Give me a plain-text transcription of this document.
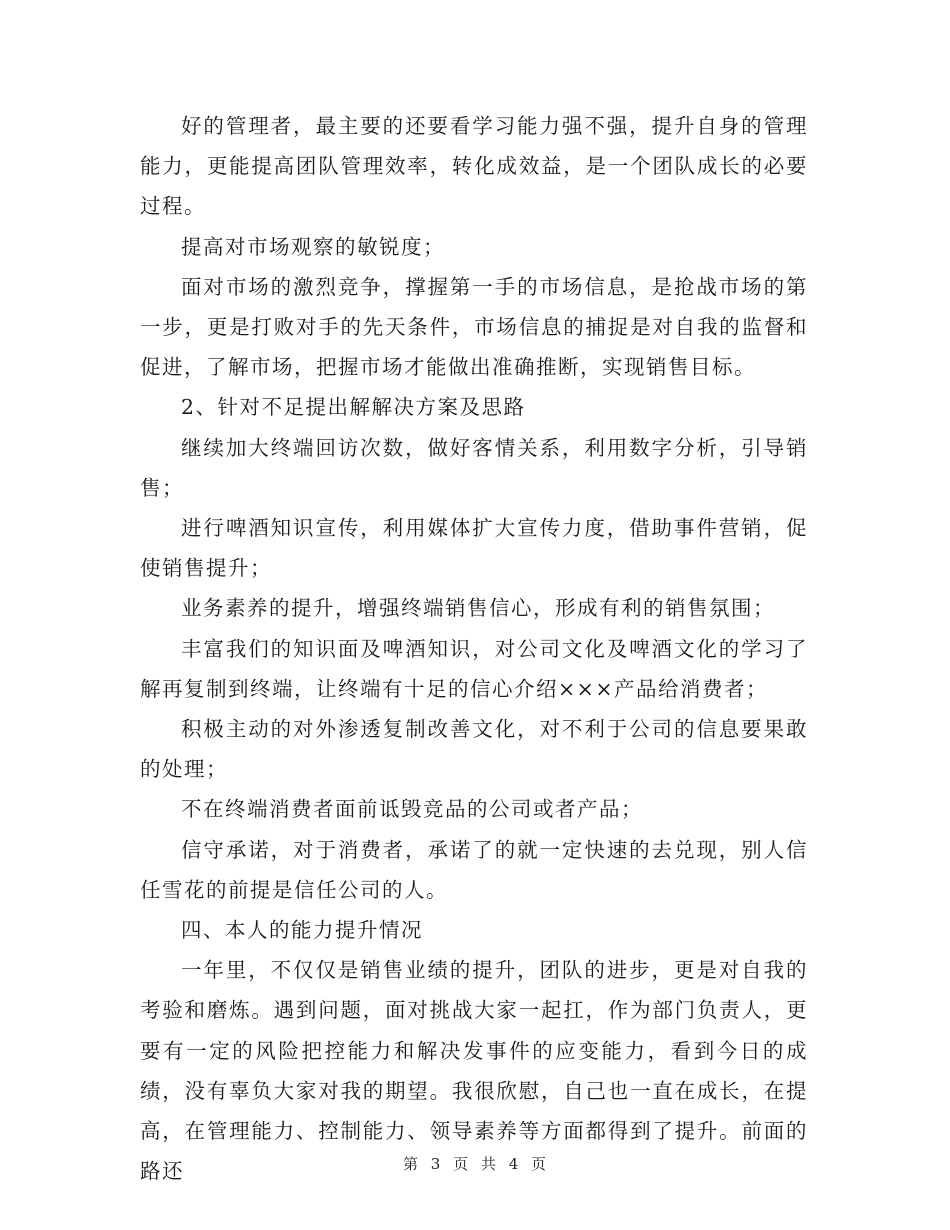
好的管理者，最主要的还要看学习能力强不强，提升自身的管理能力，更能提高团队管理效率，转化成效益，是一个团队成长的必要过程。

提高对市场观察的敏锐度；

面对市场的激烈竞争，撑握第一手的市场信息，是抢战市场的第一步，更是打败对手的先天条件，市场信息的捕捉是对自我的监督和促进，了解市场，把握市场才能做出准确推断，实现销售目标。

2、针对不足提出解解决方案及思路

继续加大终端回访次数，做好客情关系，利用数字分析，引导销售；

进行啤酒知识宣传，利用媒体扩大宣传力度，借助事件营销，促使销售提升；

业务素养的提升，增强终端销售信心，形成有利的销售氛围；

丰富我们的知识面及啤酒知识，对公司文化及啤酒文化的学习了解再复制到终端，让终端有十足的信心介绍×××产品给消费者；

积极主动的对外渗透复制改善文化，对不利于公司的信息要果敢的处理；

不在终端消费者面前诋毁竞品的公司或者产品；

信守承诺，对于消费者，承诺了的就一定快速的去兑现，别人信任雪花的前提是信任公司的人。

四、本人的能力提升情况

一年里，不仅仅是销售业绩的提升，团队的进步，更是对自我的考验和磨炼。遇到问题，面对挑战大家一起扛，作为部门负责人，更要有一定的风险把控能力和解决发事件的应变能力，看到今日的成绩，没有辜负大家对我的期望。我很欣慰，自己也一直在成长，在提高，在管理能力、控制能力、领导素养等方面都得到了提升。前面的路还	第 3 页 共 4 页
